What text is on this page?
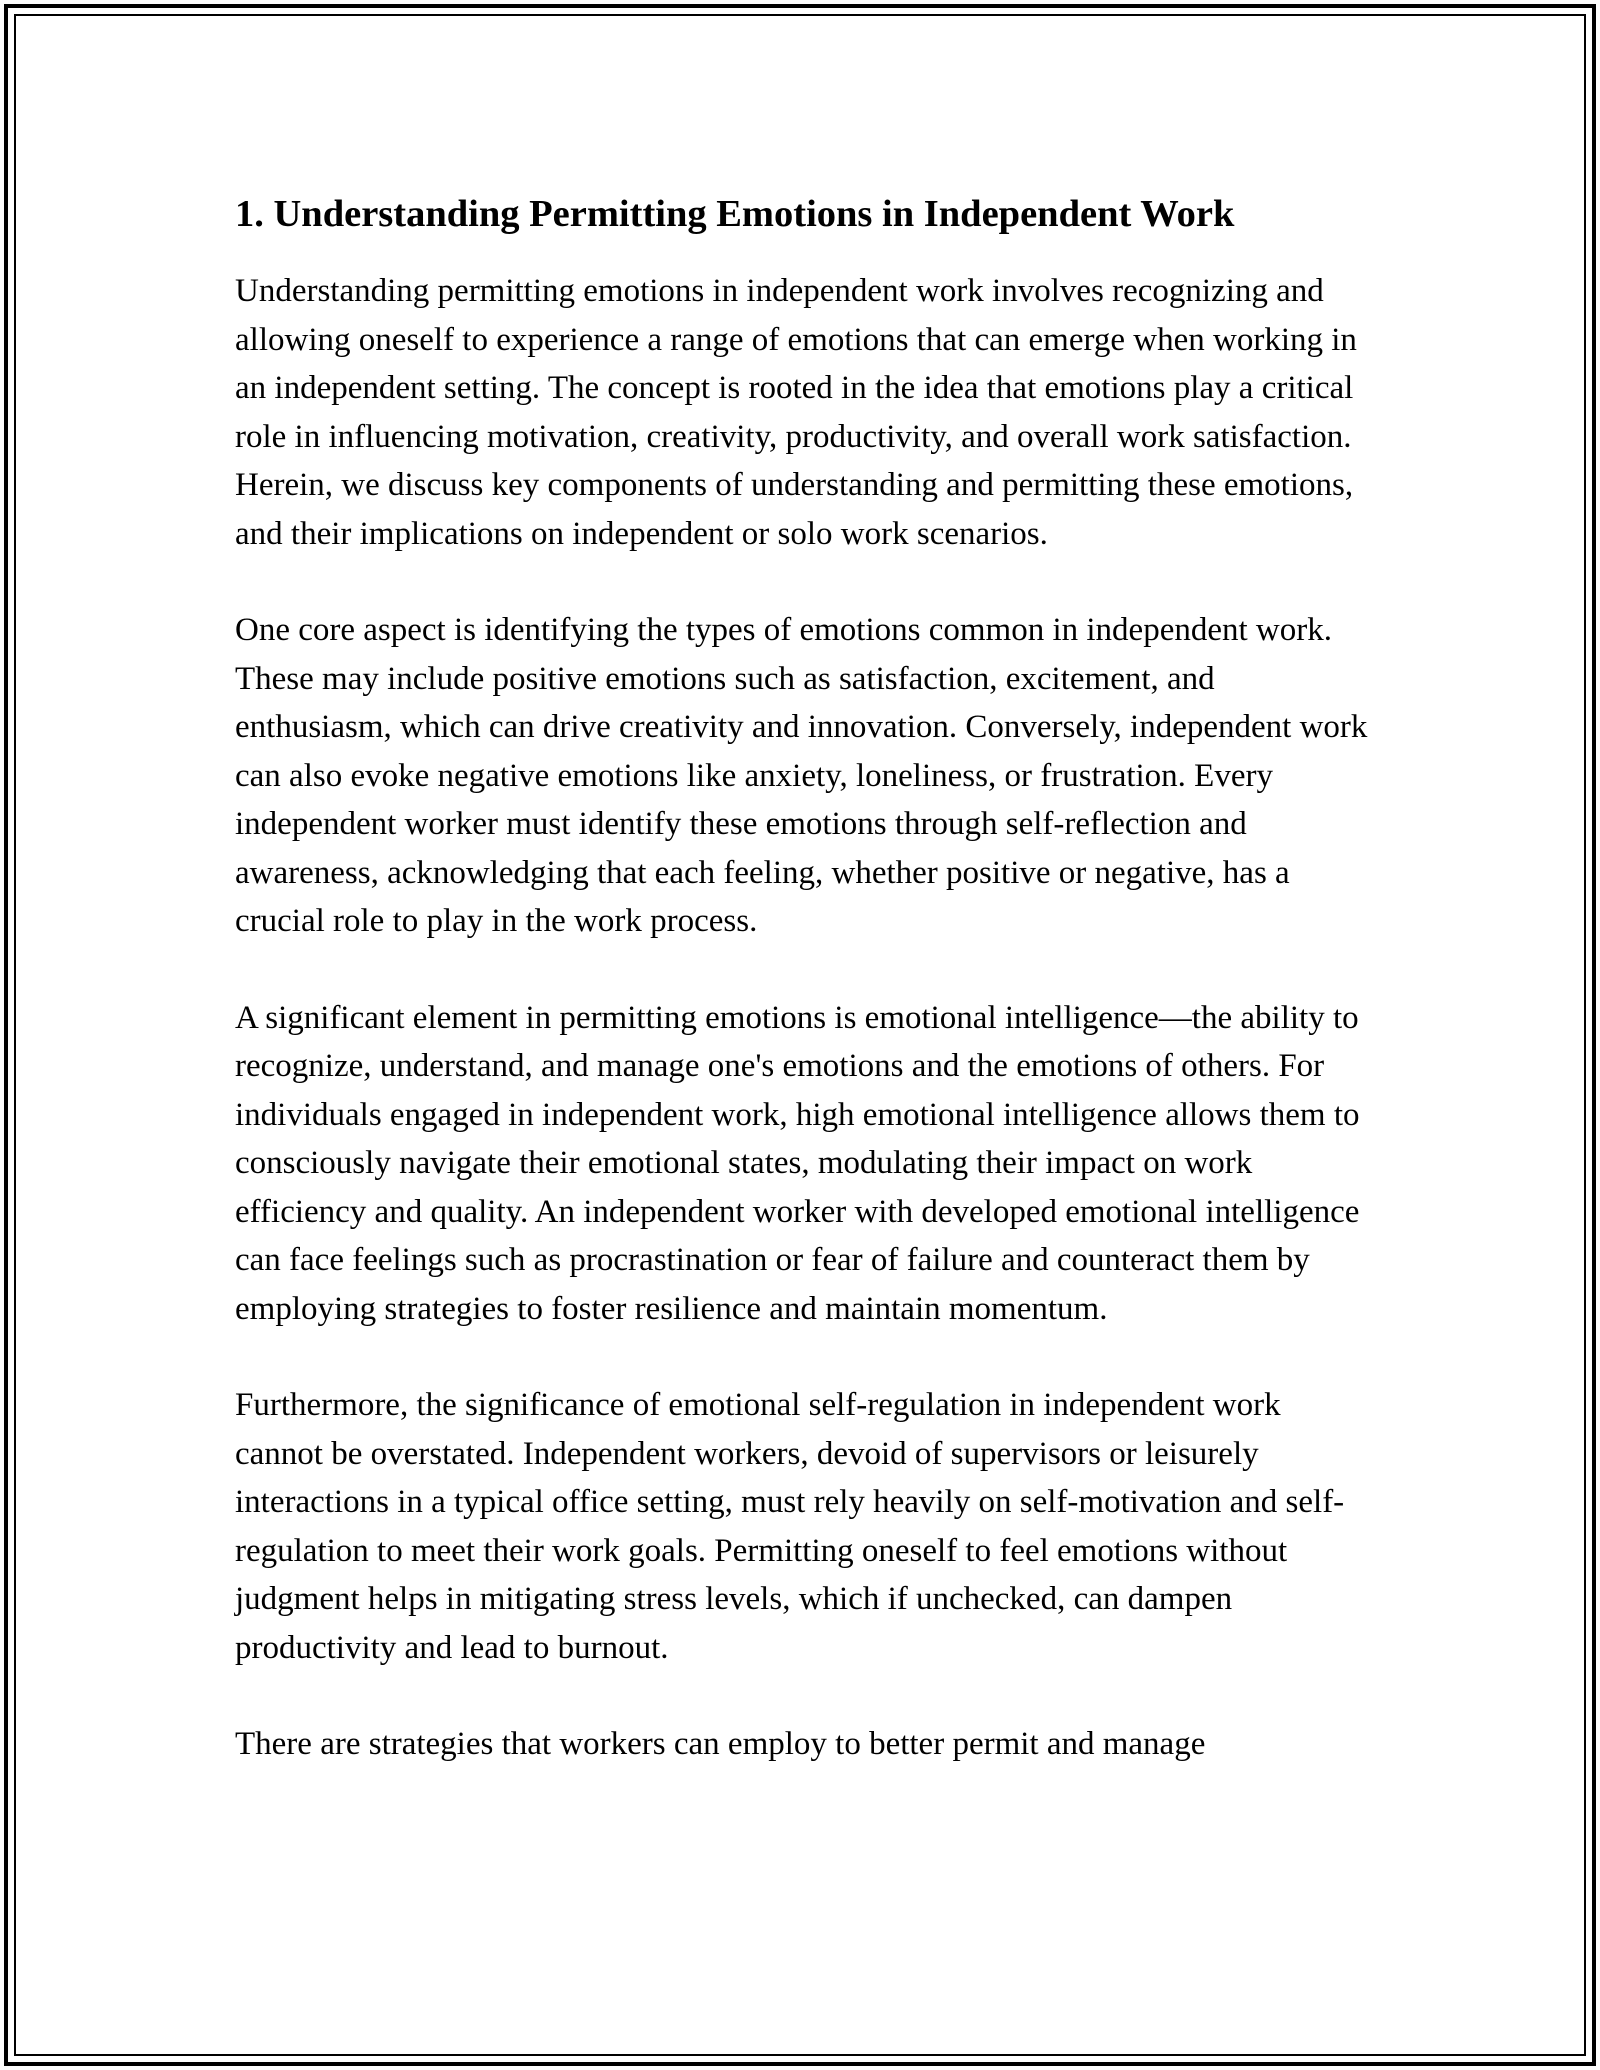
1. Understanding Permitting Emotions in Independent Work

Understanding permitting emotions in independent work involves recognizing and allowing oneself to experience a range of emotions that can emerge when working in an independent setting. The concept is rooted in the idea that emotions play a critical role in influencing motivation, creativity, productivity, and overall work satisfaction. Herein, we discuss key components of understanding and permitting these emotions, and their implications on independent or solo work scenarios.

One core aspect is identifying the types of emotions common in independent work. These may include positive emotions such as satisfaction, excitement, and enthusiasm, which can drive creativity and innovation. Conversely, independent work can also evoke negative emotions like anxiety, loneliness, or frustration. Every independent worker must identify these emotions through self-reflection and awareness, acknowledging that each feeling, whether positive or negative, has a crucial role to play in the work process.

A significant element in permitting emotions is emotional intelligence—the ability to recognize, understand, and manage one's emotions and the emotions of others. For individuals engaged in independent work, high emotional intelligence allows them to consciously navigate their emotional states, modulating their impact on work efficiency and quality. An independent worker with developed emotional intelligence can face feelings such as procrastination or fear of failure and counteract them by employing strategies to foster resilience and maintain momentum.

Furthermore, the significance of emotional self-regulation in independent work cannot be overstated. Independent workers, devoid of supervisors or leisurely interactions in a typical office setting, must rely heavily on self-motivation and self-regulation to meet their work goals. Permitting oneself to feel emotions without judgment helps in mitigating stress levels, which if unchecked, can dampen productivity and lead to burnout.

There are strategies that workers can employ to better permit and manage
